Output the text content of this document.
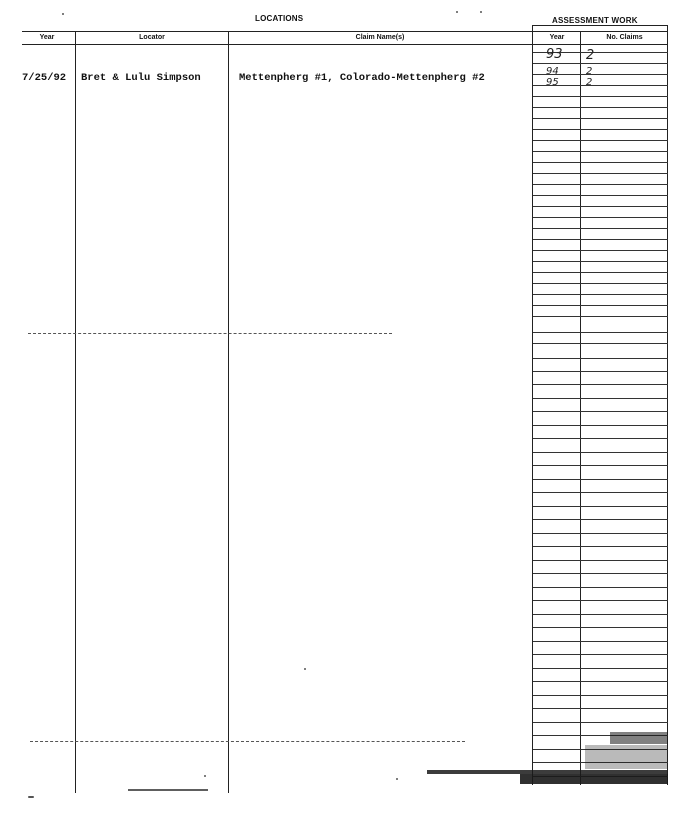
LOCATIONS	ASSESSMENT WORK
Year	Locator	Claim Name(s)	Year	No. Claims
7/25/92 Bret & Lulu Simpson	Mettenpherg #1, Colorado-Mettenpherg #2
93 2
94	2
95	2
